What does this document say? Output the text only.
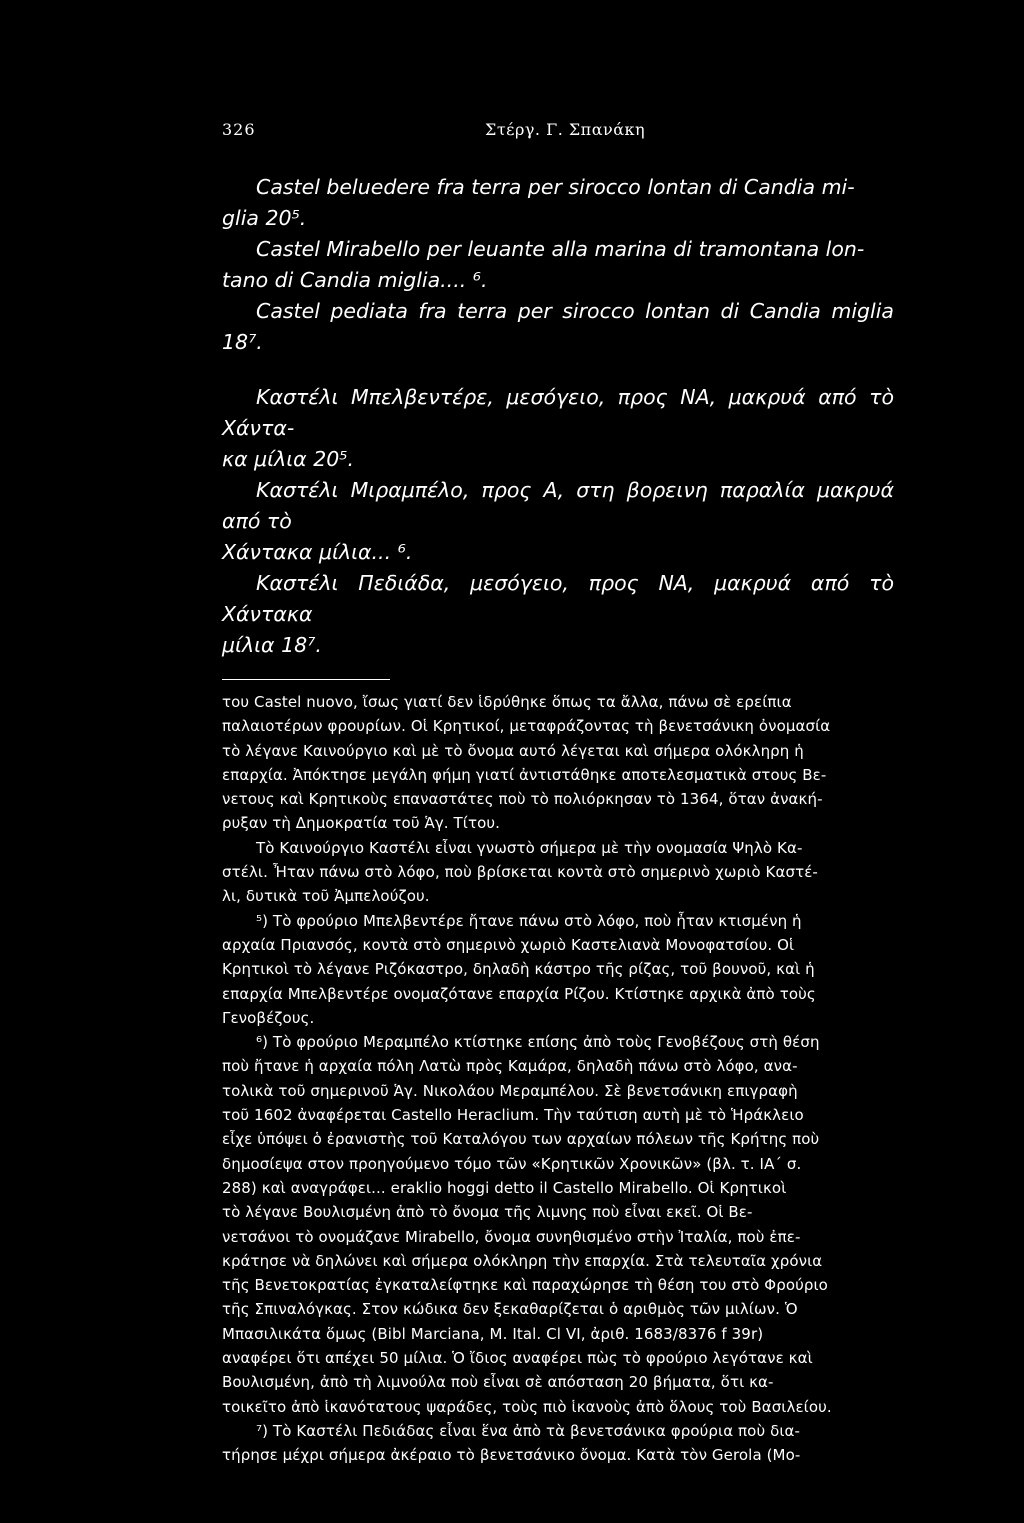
326	Στέργ. Γ. Σπανάκη

Castel beluedere fra terra per sirocco lontan di Candia mi-

glia 20⁵.

Castel Mirabello per leuante alla marina di tramontana lon-

tano di Candia miglia.... ⁶.

Castel pediata fra terra per sirocco lontan di Candia miglia 18⁷.

Καστέλι Μπελβεντέρε, μεσόγειο, προς ΝΑ, μακρυά από τὸ Χάντα-

κα μίλια 20⁵.

Καστέλι Μιραμπέλο, προς Α, στη βορεινη παραλία μακρυά από τὸ

Χάντακα μίλια... ⁶.

Καστέλι Πεδιάδα, μεσόγειο, προς ΝΑ, μακρυά από τὸ Χάντακα

μίλια 18⁷.

του Castel nuovo, ἴσως γιατί δεν ἱδρύθηκε ὅπως τα ἄλλα, πάνω σὲ ερείπια

παλαιοτέρων φρουρίων. Οἱ Κρητικοί, μεταφράζοντας τὴ βενετσάνικη ὀνομασία

τὸ λέγανε Καινούργιο καὶ μὲ τὸ ὄνομα αυτό λέγεται καὶ σήμερα ολόκληρη ἡ

επαρχία. Ἀπόκτησε μεγάλη φήμη γιατί ἀντιστάθηκε αποτελεσματικὰ στους Βε-

νετους καὶ Κρητικοὺς επαναστάτες ποὺ τὸ πολιόρκησαν τὸ 1364, ὅταν ἀνακή-

ρυξαν τὴ Δημοκρατία τοῦ Ἁγ. Τίτου.

Τὸ Καινούργιο Καστέλι εἶναι γνωστὸ σήμερα μὲ τὴν ονομασία Ψηλὸ Κα-

στέλι. Ἦταν πάνω στὸ λόφο, ποὺ βρίσκεται κοντὰ στὸ σημερινὸ χωριὸ Καστέ-

λι, δυτικὰ τοῦ Ἀμπελούζου.

⁵) Τὸ φρούριο Μπελβεντέρε ἤτανε πάνω στὸ λόφο, ποὺ ἦταν κτισμένη ἡ

αρχαία Πριανσός, κοντὰ στὸ σημερινὸ χωριὸ Καστελιανὰ Μονοφατσίου. Οἱ

Κρητικοὶ τὸ λέγανε Ριζόκαστρο, δηλαδὴ κάστρο τῆς ρίζας, τοῦ βουνοῦ, καὶ ἡ

επαρχία Μπελβεντέρε ονομαζότανε επαρχία Ρίζου. Κτίστηκε αρχικὰ ἀπὸ τοὺς

Γενοβέζους.

⁶) Τὸ φρούριο Μεραμπέλο κτίστηκε επίσης ἀπὸ τοὺς Γενοβέζους στὴ θέση

ποὺ ἤτανε ἡ αρχαία πόλη Λατὼ πρὸς Καμάρα, δηλαδὴ πάνω στὸ λόφο, ανα-

τολικὰ τοῦ σημερινοῦ Ἁγ. Νικολάου Μεραμπέλου. Σὲ βενετσάνικη επιγραφὴ

τοῦ 1602 ἀναφέρεται Castello Heraclium. Τὴν ταύτιση αυτὴ μὲ τὸ Ἡράκλειο

εἶχε ὑπόψει ὁ ἐρανιστὴς τοῦ Καταλόγου των αρχαίων πόλεων τῆς Κρήτης ποὺ

δημοσίεψα στον προηγούμενο τόμο τῶν «Κρητικῶν Χρονικῶν» (βλ. τ. ΙΑ΄ σ.

288) καὶ αναγράφει... eraklio hoggi detto il Castello Mirabello. Οἱ Κρητικοὶ

τὸ λέγανε Βουλισμένη ἀπὸ τὸ ὄνομα τῆς λιμνης ποὺ εἶναι εκεῖ. Οἱ Βε-

νετσάνοι τὸ ονομάζανε Mirabello, ὄνομα συνηθισμένο στὴν Ἰταλία, ποὺ ἐπε-

κράτησε νὰ δηλώνει καὶ σήμερα ολόκληρη τὴν επαρχία. Στὰ τελευταῖα χρόνια

τῆς Βενετοκρατίας ἐγκαταλείφτηκε καὶ παραχώρησε τὴ θέση του στὸ Φρούριο

τῆς Σπιναλόγκας. Στον κώδικα δεν ξεκαθαρίζεται ὁ αριθμὸς τῶν μιλίων. Ὁ

Μπασιλικάτα ὅμως (Bibl Marciana, M. Ital. Cl VI, ἀριθ. 1683/8376 f 39r)

αναφέρει ὅτι απέχει 50 μίλια. Ὁ ἴδιος αναφέρει πὼς τὸ φρούριο λεγότανε καὶ

Βουλισμένη, ἀπὸ τὴ λιμνούλα ποὺ εἶναι σὲ απόσταση 20 βήματα, ὅτι κα-

τοικεῖτο ἀπὸ ἱκανότατους ψαράδες, τοὺς πιὸ ἱκανοὺς ἀπὸ ὅλους τοὺ Βασιλείου.

⁷) Τὸ Καστέλι Πεδιάδας εἶναι ἕνα ἀπὸ τὰ βενετσάνικα φρούρια ποὺ δια-

τήρησε μέχρι σήμερα ἀκέραιο τὸ βενετσάνικο ὄνομα. Κατὰ τὸν Gerola (Μο-
